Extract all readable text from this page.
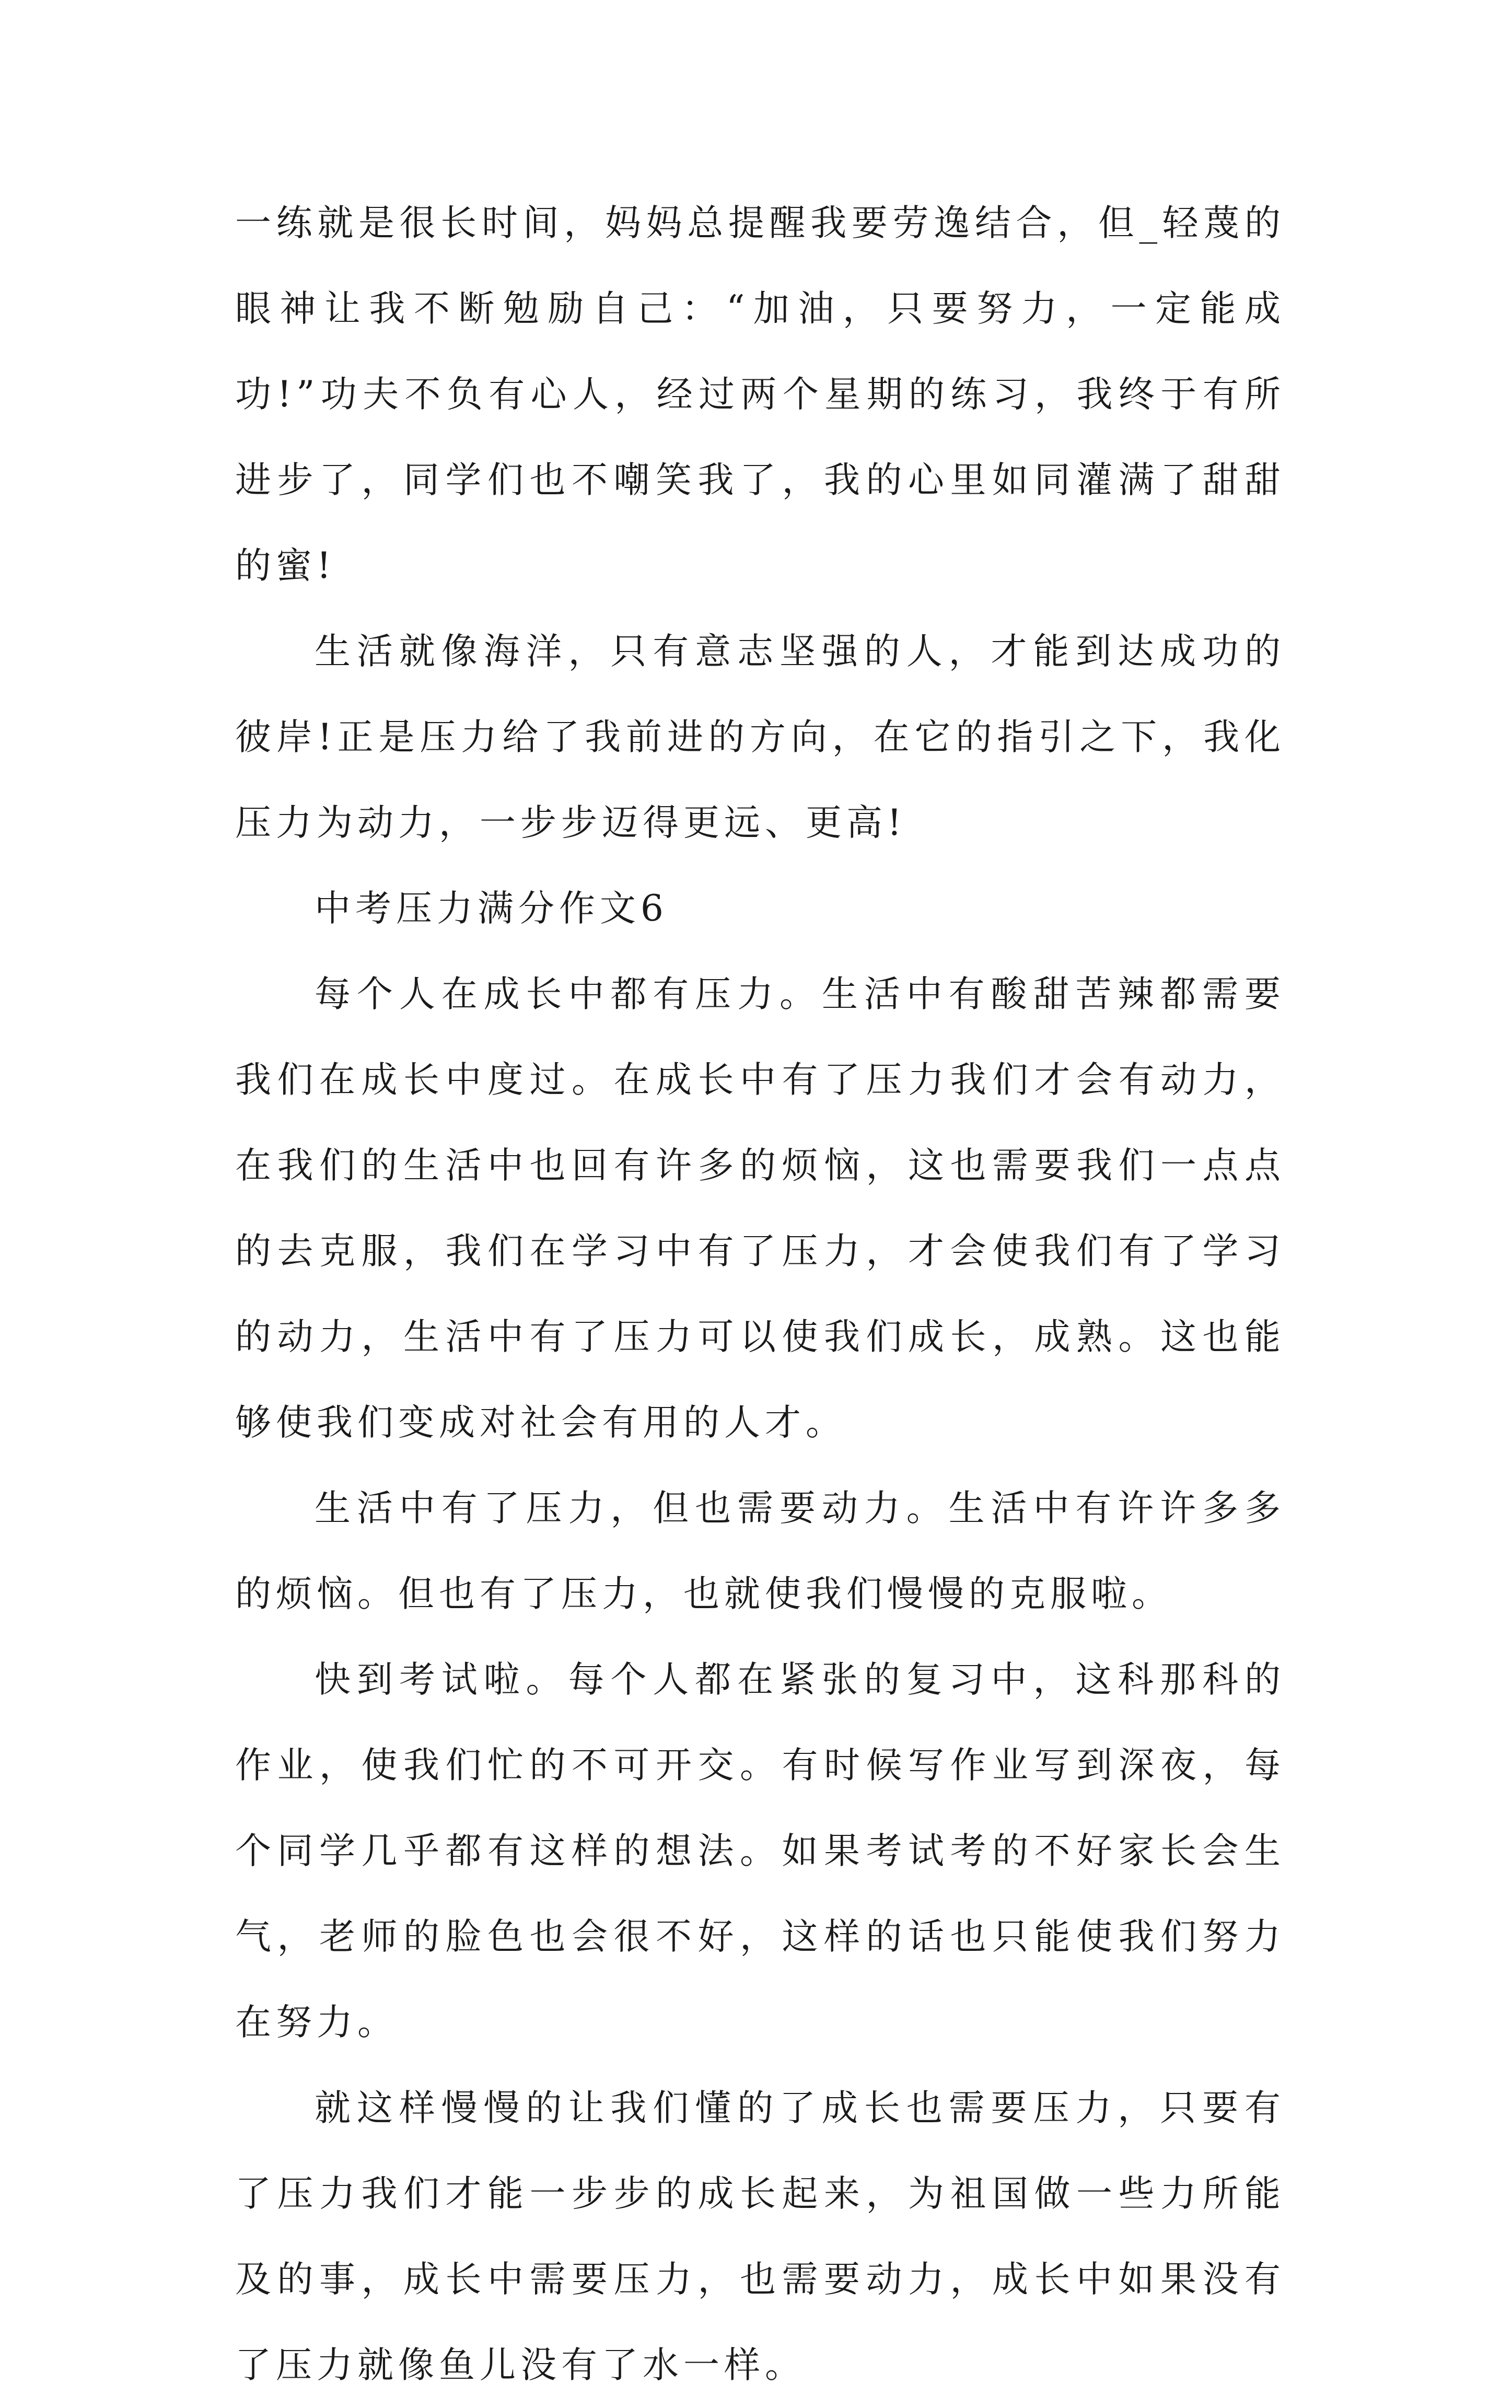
一练就是很长时间，妈妈总提醒我要劳逸结合，但_轻蔑的眼神让我不断勉励自己：“加油，只要努力，一定能成功!”功夫不负有心人，经过两个星期的练习，我终于有所进步了，同学们也不嘲笑我了，我的心里如同灌满了甜甜的蜜!

生活就像海洋，只有意志坚强的人，才能到达成功的彼岸!正是压力给了我前进的方向，在它的指引之下，我化压力为动力，一步步迈得更远、更高!

中考压力满分作文6

每个人在成长中都有压力。生活中有酸甜苦辣都需要我们在成长中度过。在成长中有了压力我们才会有动力，在我们的生活中也回有许多的烦恼，这也需要我们一点点的去克服，我们在学习中有了压力，才会使我们有了学习的动力，生活中有了压力可以使我们成长，成熟。这也能够使我们变成对社会有用的人才。

生活中有了压力，但也需要动力。生活中有许许多多的烦恼。但也有了压力，也就使我们慢慢的克服啦。

快到考试啦。每个人都在紧张的复习中，这科那科的作业，使我们忙的不可开交。有时候写作业写到深夜，每个同学几乎都有这样的想法。如果考试考的不好家长会生气，老师的脸色也会很不好，这样的话也只能使我们努力在努力。

就这样慢慢的让我们懂的了成长也需要压力，只要有了压力我们才能一步步的成长起来，为祖国做一些力所能及的事，成长中需要压力，也需要动力，成长中如果没有了压力就像鱼儿没有了水一样。
